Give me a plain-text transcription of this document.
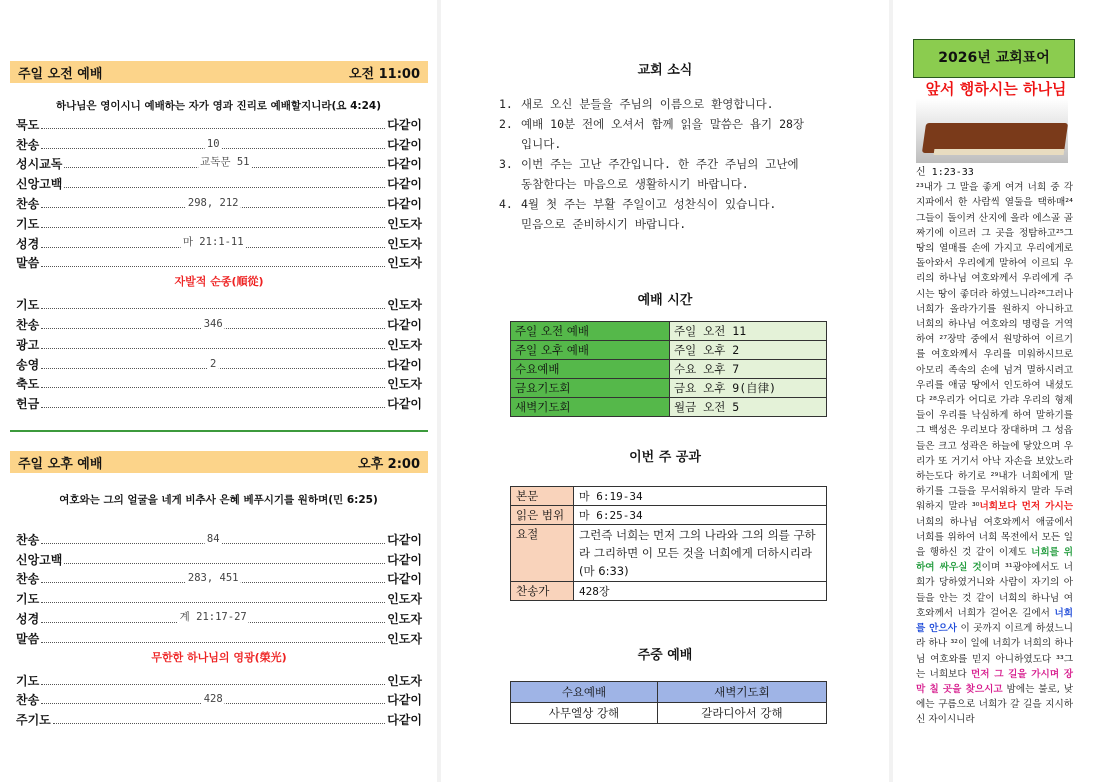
주일 오전 예배	오전 11:00
하나님은 영이시니 예배하는 자가 영과 진리로 예배할지니라(요 4:24)
묵도	다같이
찬송	10	다같이
성시교독	교독문 51	다같이
신앙고백	다같이
찬송	298, 212	다같이
기도	인도자
성경	마 21:1-11	인도자
말씀	인도자
자발적 순종(順從)
기도	인도자
찬송	346	다같이
광고	인도자
송영	2	다같이
축도	인도자
헌금	다같이
주일 오후 예배	오후 2:00
여호와는 그의 얼굴을 네게 비추사 은혜 베푸시기를 원하며(민 6:25)
찬송	84	다같이
신앙고백	다같이
찬송	283, 451	다같이
기도	인도자
성경	계 21:17-27	인도자
말씀	인도자
무한한 하나님의 영광(榮光)
기도	인도자
찬송	428	다같이
주기도	다같이
교회 소식
1. 새로 오신 분들을 주님의 이름으로 환영합니다.
2. 예배 10분 전에 오셔서 함께 읽을 말씀은 욥기 28장
입니다.
3. 이번 주는 고난 주간입니다. 한 주간 주님의 고난에
동참한다는 마음으로 생활하시기 바랍니다.
4. 4월 첫 주는 부활 주일이고 성찬식이 있습니다.
믿음으로 준비하시기 바랍니다.
예배 시간
주일 오전 예배	주일 오전 11
주일 오후 예배	주일 오후 2
수요예배	수요 오후 7
금요기도회	금요 오후 9(自律)
새벽기도회	월금 오전 5
이번 주 공과
본문	마 6:19-34
읽은 범위	마 6:25-34
요절	그런즉 너희는 먼저 그의 나라와 그의 의를 구하라 그리하면 이 모든 것을 너희에게 더하시리라(마 6:33)
찬송가	428장
주중 예배
수요예배	새벽기도회
사무엘상 강해	갈라디아서 강해
2026년 교회표어
앞서 행하시는 하나님
신 1:23-33
²³내가 그 말을 좋게 여겨 너희 중 각 지파에서 한 사람씩 열둘을 택하매²⁴그들이 돌이켜 산지에 올라 에스골 골짜기에 이르러 그 곳을 정탐하고²⁵그 땅의 열매를 손에 가지고 우리에게로 돌아와서 우리에게 말하여 이르되 우리의 하나님 여호와께서 우리에게 주시는 땅이 좋더라 하였느니라²⁶그러나 너희가 올라가기를 원하지 아니하고 너희의 하나님 여호와의 명령을 거역하여 ²⁷장막 중에서 원망하여 이르기를 여호와께서 우리를 미워하시므로 아모리 족속의 손에 넘겨 멸하시려고 우리를 애굽 땅에서 인도하여 내셨도다 ²⁸우리가 어디로 가랴 우리의 형제들이 우리를 낙심하게 하여 말하기를 그 백성은 우리보다 장대하며 그 성읍들은 크고 성곽은 하늘에 닿았으며 우리가 또 거기서 아낙 자손을 보았노라 하는도다 하기로 ²⁹내가 너희에게 말하기를 그들을 무서워하지 말라 두려워하지 말라 ³⁰너희보다 먼저 가시는 너희의 하나님 여호와께서 애굽에서 너희를 위하여 너희 목전에서 모든 일을 행하신 것 같이 이제도 너희를 위하여 싸우실 것이며 ³¹광야에서도 너희가 당하였거니와 사람이 자기의 아들을 안는 것 같이 너희의 하나님 여호와께서 너희가 걸어온 길에서 너희를 안으사 이 곳까지 이르게 하셨느니라 하나 ³²이 일에 너희가 너희의 하나님 여호와를 믿지 아니하였도다 ³³그는 너희보다 먼저 그 길을 가시며 장막 칠 곳을 찾으시고 밤에는 불로, 낮에는 구름으로 너희가 갈 길을 지시하신 자이시니라
